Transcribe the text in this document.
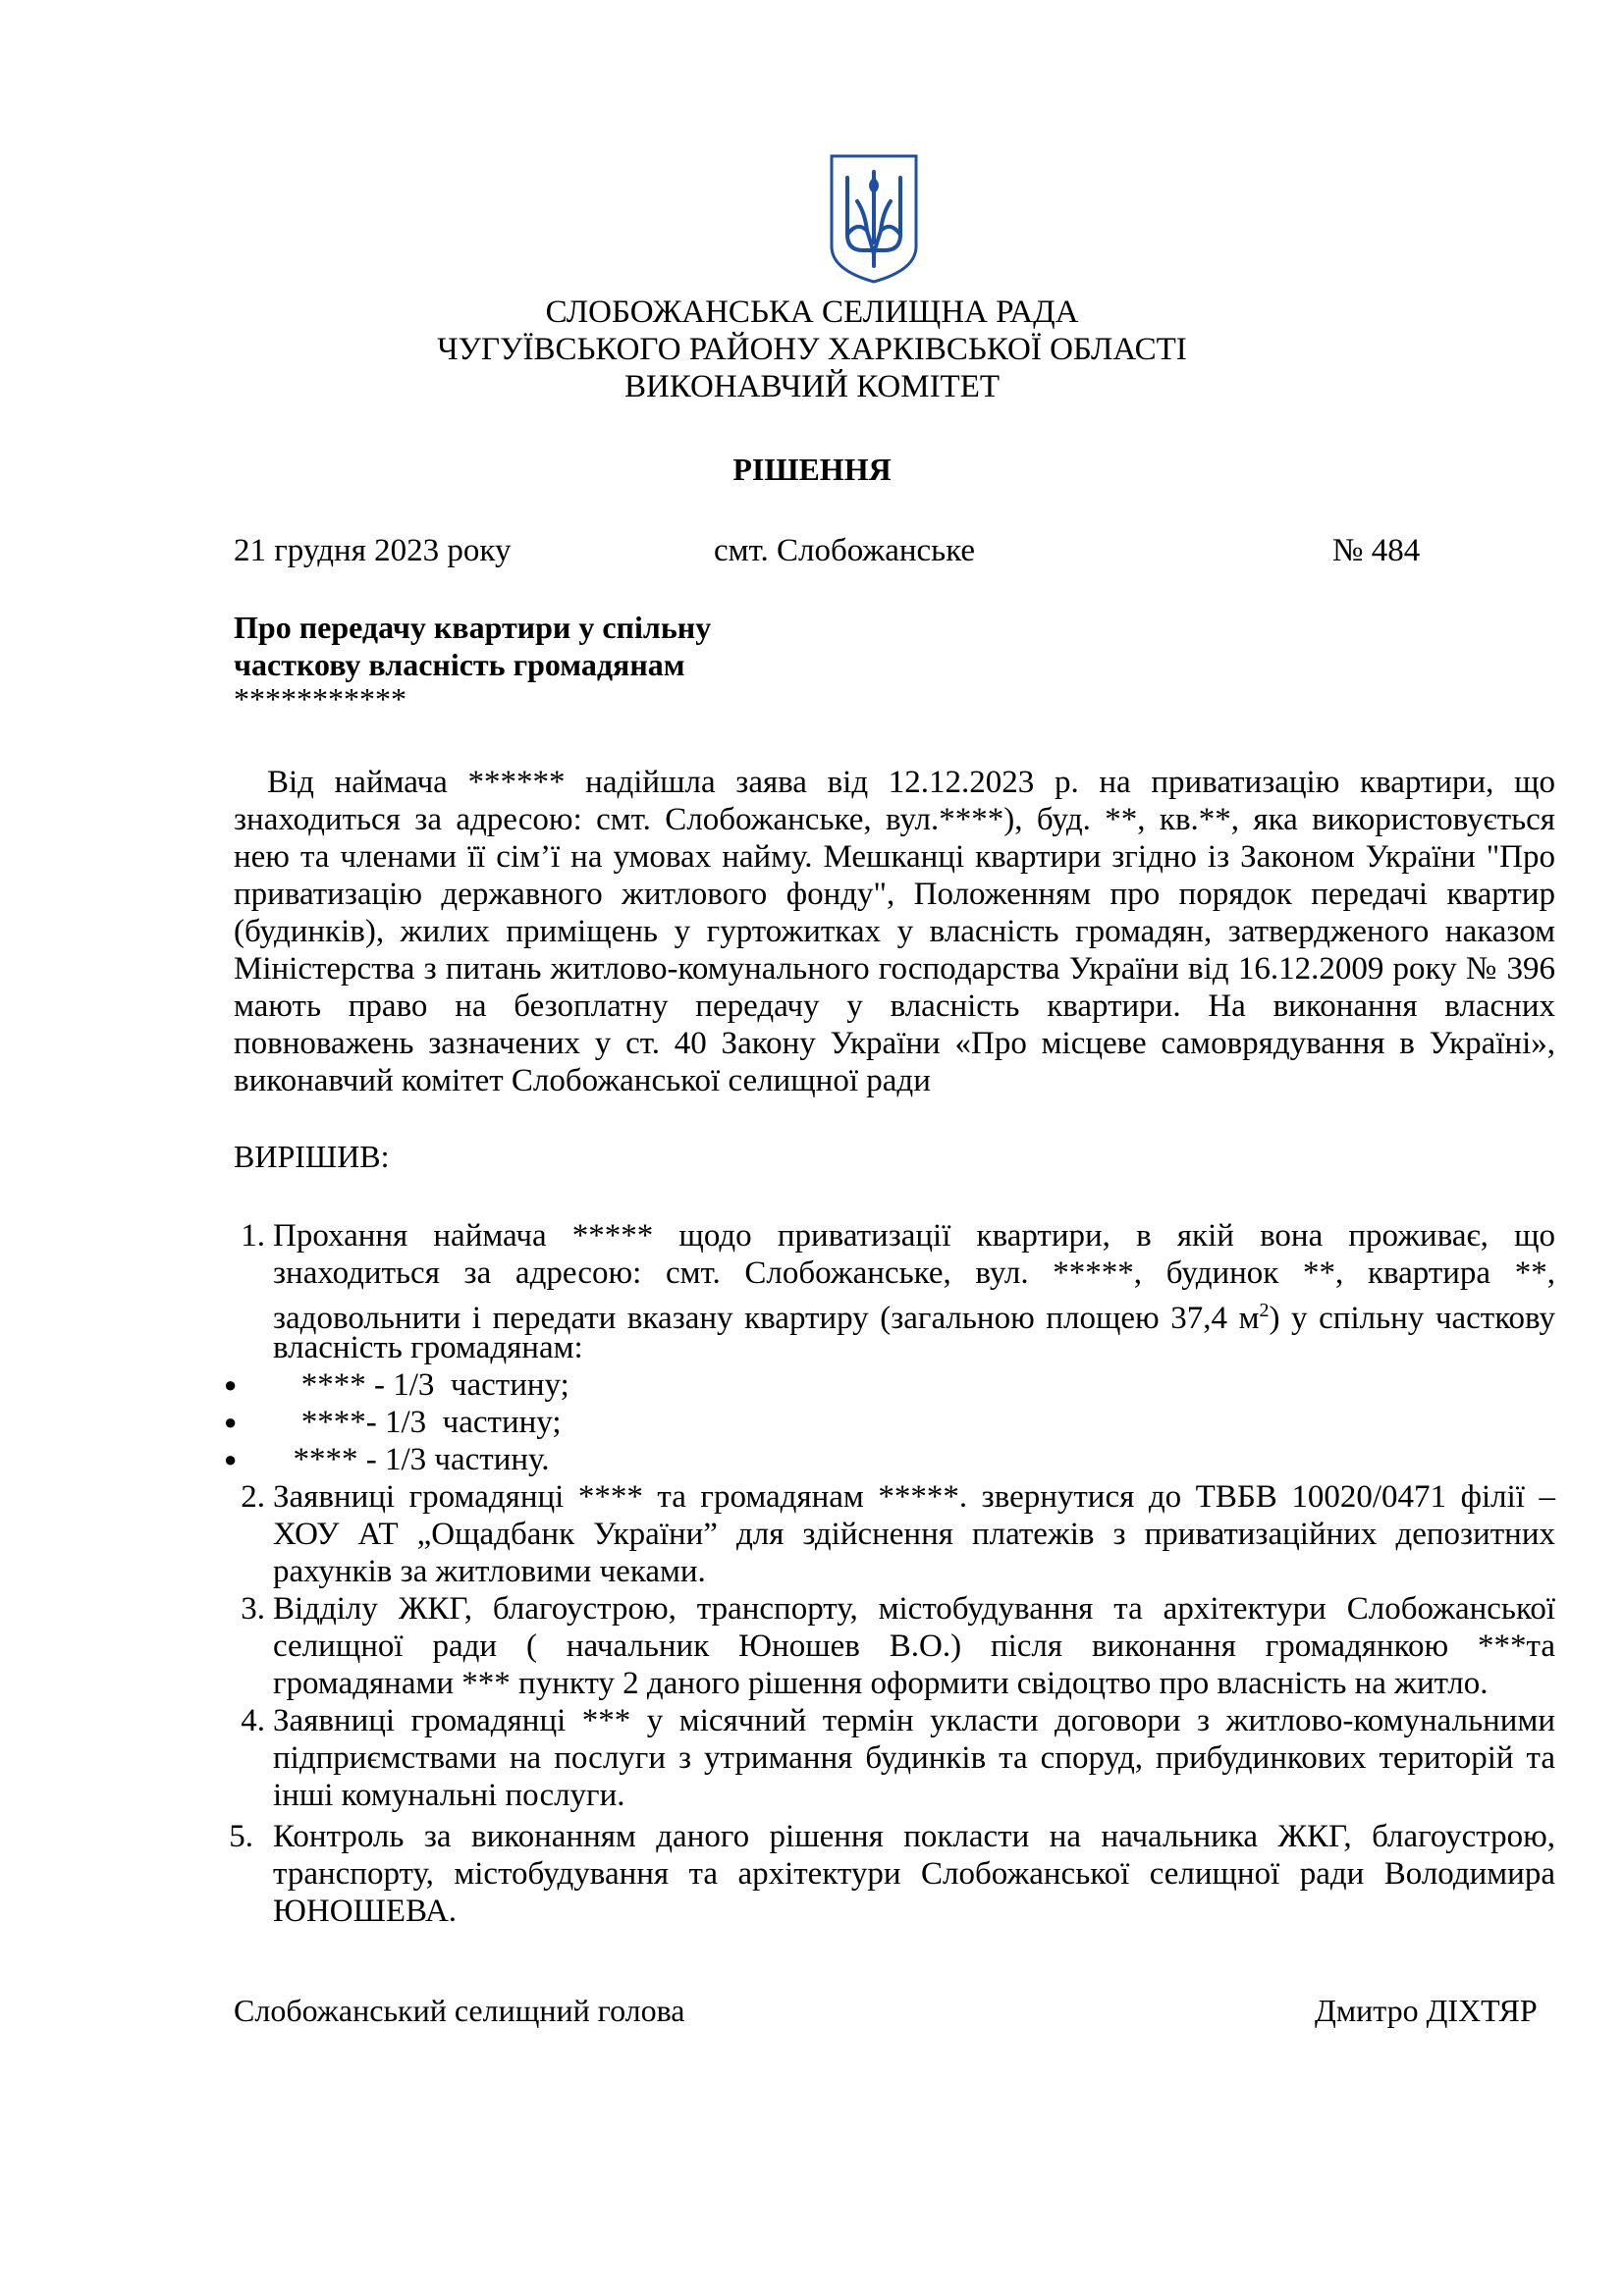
СЛОБОЖАНСЬКА СЕЛИЩНА РАДА
ЧУГУЇВСЬКОГО РАЙОНУ ХАРКІВСЬКОЇ ОБЛАСТІ
ВИКОНАВЧИЙ КОМІТЕТ
РІШЕННЯ
21 грудня 2023 року	смт. Слобожанське	№ 484
Про передачу квартири у спільну
часткову власність громадянам
***********
Від наймача ****** надійшла заява від 12.12.2023 р. на приватизацію квартири, що
знаходиться за адресою: смт. Слобожанське, вул.****), буд. **, кв.**, яка використовується
нею та членами її сім’ї на умовах найму. Мешканці квартири згідно із Законом України "Про
приватизацію державного житлового фонду", Положенням про порядок передачі квартир
(будинків), жилих приміщень у гуртожитках у власність громадян, затвердженого наказом
Міністерства з питань житлово-комунального господарства України від 16.12.2009 року № 396
мають право на безоплатну передачу у власність квартири. На виконання власних
повноважень зазначених у ст. 40 Закону України «Про місцеве самоврядування в Україні»,
виконавчий комітет Слобожанської селищної ради
ВИРІШИВ:
1. Прохання наймача ***** щодо приватизації квартири, в якій вона проживає, що
знаходиться за адресою: смт. Слобожанське, вул. *****, будинок **, квартира **,
задовольнити і передати вказану квартиру (загальною площею 37,4 $м^2$) у спільну часткову
власність громадянам:
● **** - 1/3  частину;
● ****- 1/3  частину;
● **** - 1/3 частину.
2. Заявниці громадянці **** та громадянам *****. звернутися до ТВБВ 10020/0471 філії –
ХОУ АТ „Ощадбанк України” для здійснення платежів з приватизаційних депозитних
рахунків за житловими чеками.
3. Відділу ЖКГ, благоустрою, транспорту, містобудування та архітектури Слобожанської
селищної ради ( начальник Юношев В.О.) після виконання громадянкою ***та
громадянами *** пункту 2 даного рішення оформити свідоцтво про власність на житло.
4. Заявниці громадянці *** у місячний термін укласти договори з житлово-комунальними
підприємствами на послуги з утримання будинків та споруд, прибудинкових територій та
інші комунальні послуги.
5. Контроль за виконанням даного рішення покласти на начальника ЖКГ, благоустрою,
транспорту, містобудування та архітектури Слобожанської селищної ради Володимира
ЮНОШЕВА.
Слобожанський селищний голова	Дмитро ДІХТЯР
